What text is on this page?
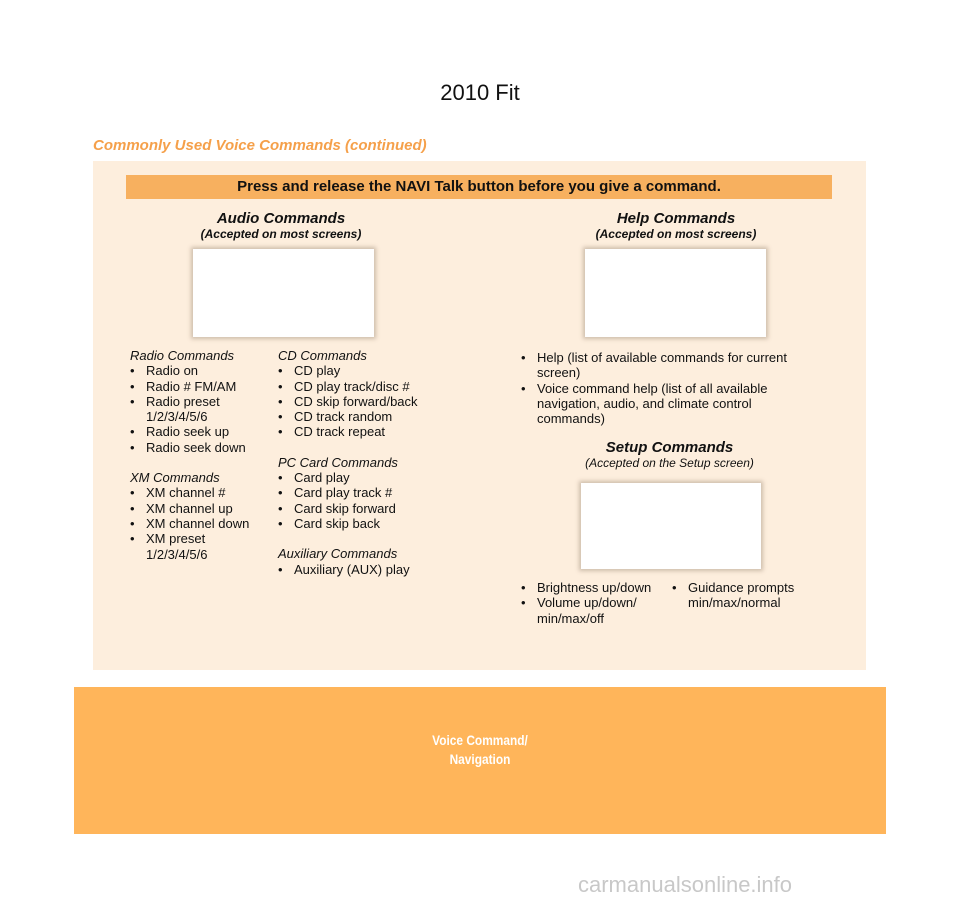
2010 Fit
Commonly Used Voice Commands (continued)
Press and release the NAVI Talk button before you give a command.
Audio Commands
(Accepted on most screens)
Help Commands
(Accepted on most screens)
Radio Commands
• Radio on
• Radio # FM/AM
• Radio preset 1/2/3/4/5/6
• Radio seek up
• Radio seek down
XM Commands
• XM channel #
• XM channel up
• XM channel down
• XM preset 1/2/3/4/5/6
CD Commands
• CD play
• CD play track/disc #
• CD skip forward/back
• CD track random
• CD track repeat
PC Card Commands
• Card play
• Card play track #
• Card skip forward
• Card skip back
Auxiliary Commands
• Auxiliary (AUX) play
• Help (list of available commands for current screen)
• Voice command help (list of all available navigation, audio, and climate control commands)
Setup Commands
(Accepted on the Setup screen)
• Brightness up/down
• Volume up/down/ min/max/off
• Guidance prompts min/max/normal
Voice Command/
Navigation
carmanualsonline.info
